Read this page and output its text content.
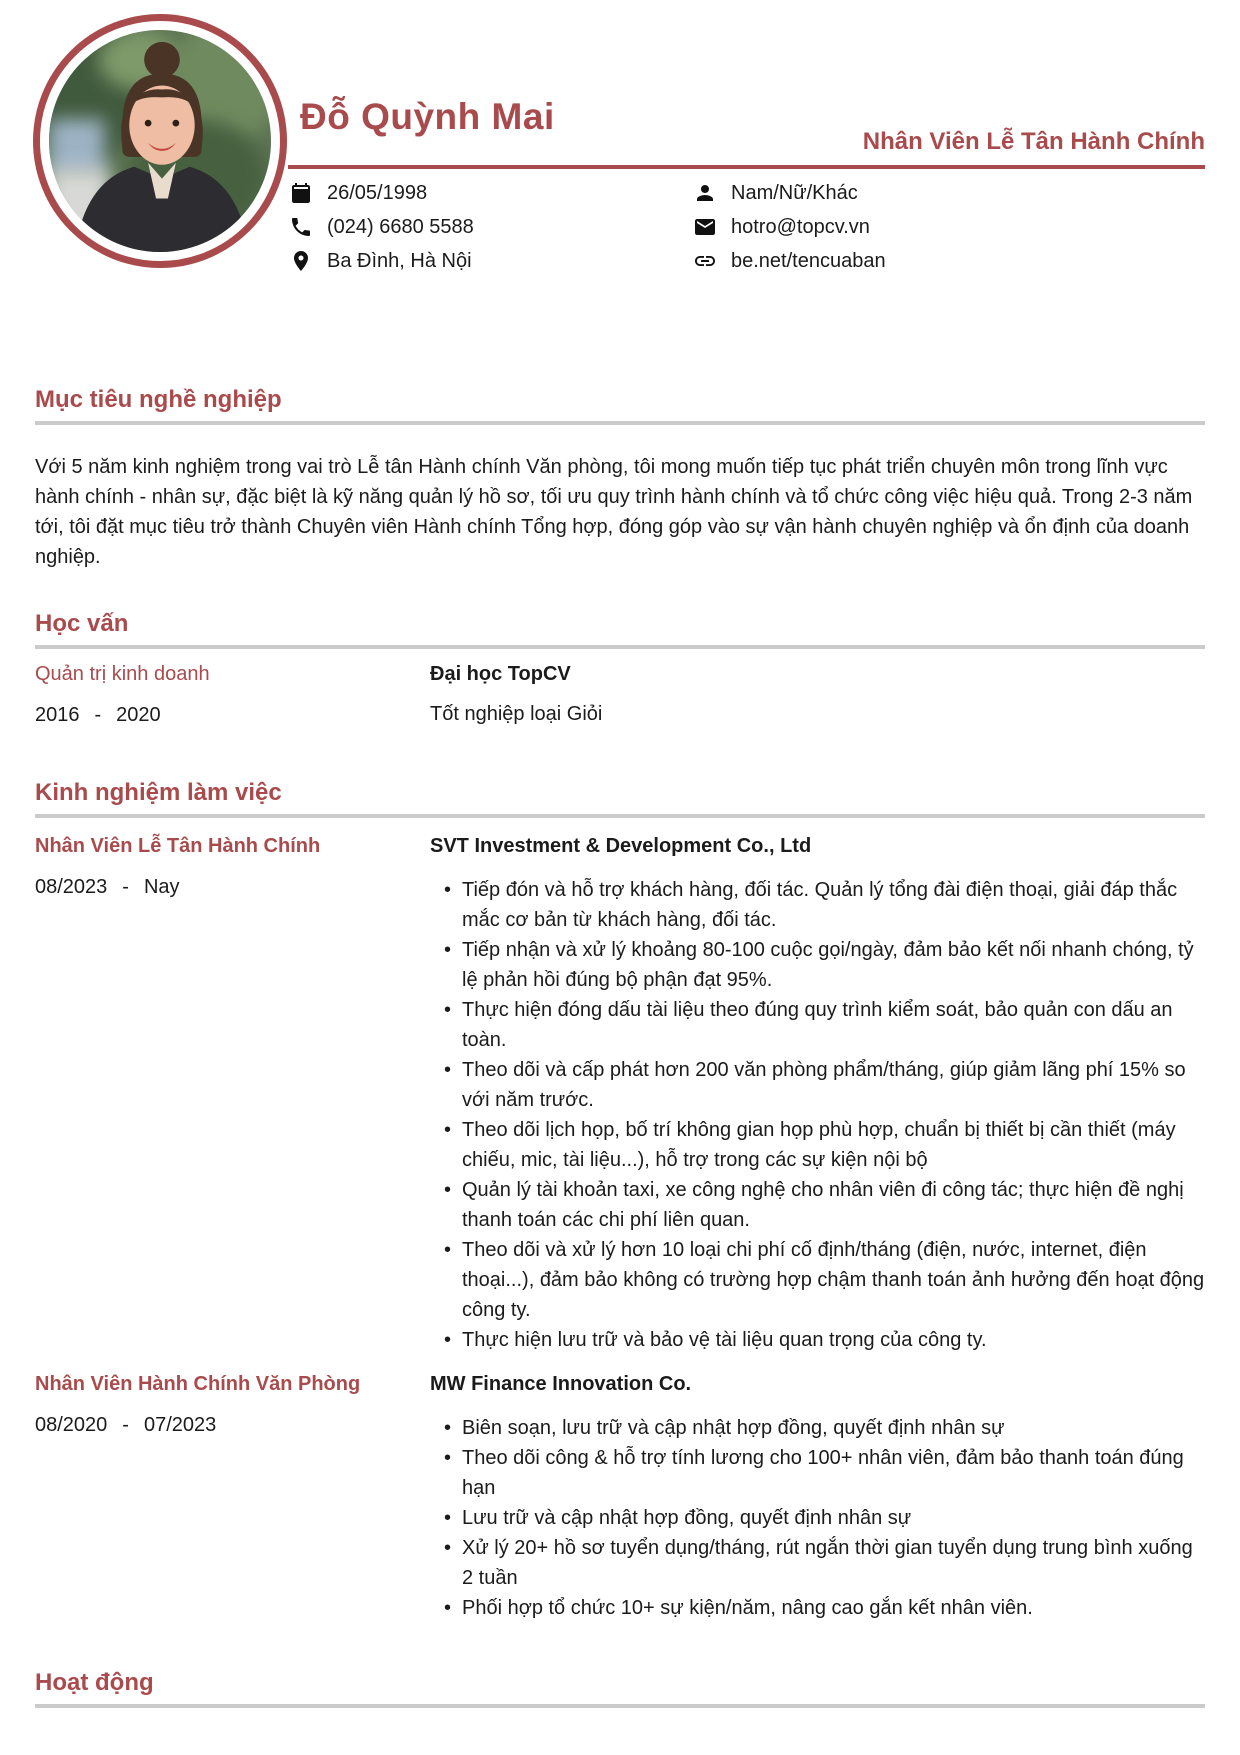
Đỗ Quỳnh Mai
Nhân Viên Lễ Tân Hành Chính
26/05/1998
(024) 6680 5588
Ba Đình, Hà Nội
Nam/Nữ/Khác
hotro@topcv.vn
be.net/tencuaban
Mục tiêu nghề nghiệp

Với 5 năm kinh nghiệm trong vai trò Lễ tân Hành chính Văn phòng, tôi mong muốn tiếp tục phát triển chuyên môn trong lĩnh vực hành chính - nhân sự, đặc biệt là kỹ năng quản lý hồ sơ, tối ưu quy trình hành chính và tổ chức công việc hiệu quả. Trong 2-3 năm tới, tôi đặt mục tiêu trở thành Chuyên viên Hành chính Tổng hợp, đóng góp vào sự vận hành chuyên nghiệp và ổn định của doanh nghiệp.

Học vấn
Quản trị kinh doanh
2016 - 2020
Đại học TopCV
Tốt nghiệp loại Giỏi
Kinh nghiệm làm việc
Nhân Viên Lễ Tân Hành Chính
08/2023 - Nay
SVT Investment & Development Co., Ltd
• Tiếp đón và hỗ trợ khách hàng, đối tác. Quản lý tổng đài điện thoại, giải đáp thắc mắc cơ bản từ khách hàng, đối tác.
• Tiếp nhận và xử lý khoảng 80-100 cuộc gọi/ngày, đảm bảo kết nối nhanh chóng, tỷ lệ phản hồi đúng bộ phận đạt 95%.
• Thực hiện đóng dấu tài liệu theo đúng quy trình kiểm soát, bảo quản con dấu an toàn.
• Theo dõi và cấp phát hơn 200 văn phòng phẩm/tháng, giúp giảm lãng phí 15% so với năm trước.
• Theo dõi lịch họp, bố trí không gian họp phù hợp, chuẩn bị thiết bị cần thiết (máy chiếu, mic, tài liệu...), hỗ trợ trong các sự kiện nội bộ
• Quản lý tài khoản taxi, xe công nghệ cho nhân viên đi công tác; thực hiện đề nghị thanh toán các chi phí liên quan.
• Theo dõi và xử lý hơn 10 loại chi phí cố định/tháng (điện, nước, internet, điện thoại...), đảm bảo không có trường hợp chậm thanh toán ảnh hưởng đến hoạt động công ty.
• Thực hiện lưu trữ và bảo vệ tài liệu quan trọng của công ty.
Nhân Viên Hành Chính Văn Phòng
08/2020 - 07/2023
MW Finance Innovation Co.
• Biên soạn, lưu trữ và cập nhật hợp đồng, quyết định nhân sự
• Theo dõi công & hỗ trợ tính lương cho 100+ nhân viên, đảm bảo thanh toán đúng hạn
• Lưu trữ và cập nhật hợp đồng, quyết định nhân sự
• Xử lý 20+ hồ sơ tuyển dụng/tháng, rút ngắn thời gian tuyển dụng trung bình xuống 2 tuần
• Phối hợp tổ chức 10+ sự kiện/năm, nâng cao gắn kết nhân viên.
Hoạt động
